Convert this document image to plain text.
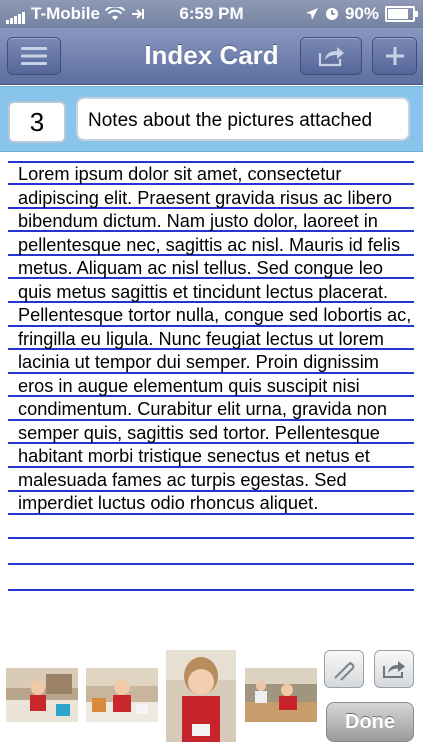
T-Mobile	6:59 PM	90%
Index Card
3	Notes about the pictures attached
Lorem ipsum dolor sit amet, consectetur adipiscing elit. Praesent gravida risus ac libero bibendum dictum. Nam justo dolor, laoreet in pellentesque nec, sagittis ac nisl. Mauris id felis metus. Aliquam ac nisl tellus. Sed congue leo quis metus sagittis et tincidunt lectus placerat. Pellentesque tortor nulla, congue sed lobortis ac, fringilla eu ligula. Nunc feugiat lectus ut lorem lacinia ut tempor dui semper. Proin dignissim eros in augue elementum quis suscipit nisi condimentum. Curabitur elit urna, gravida non semper quis, sagittis sed tortor. Pellentesque habitant morbi tristique senectus et netus et malesuada fames ac turpis egestas. Sed imperdiet luctus odio rhoncus aliquet.
Done
